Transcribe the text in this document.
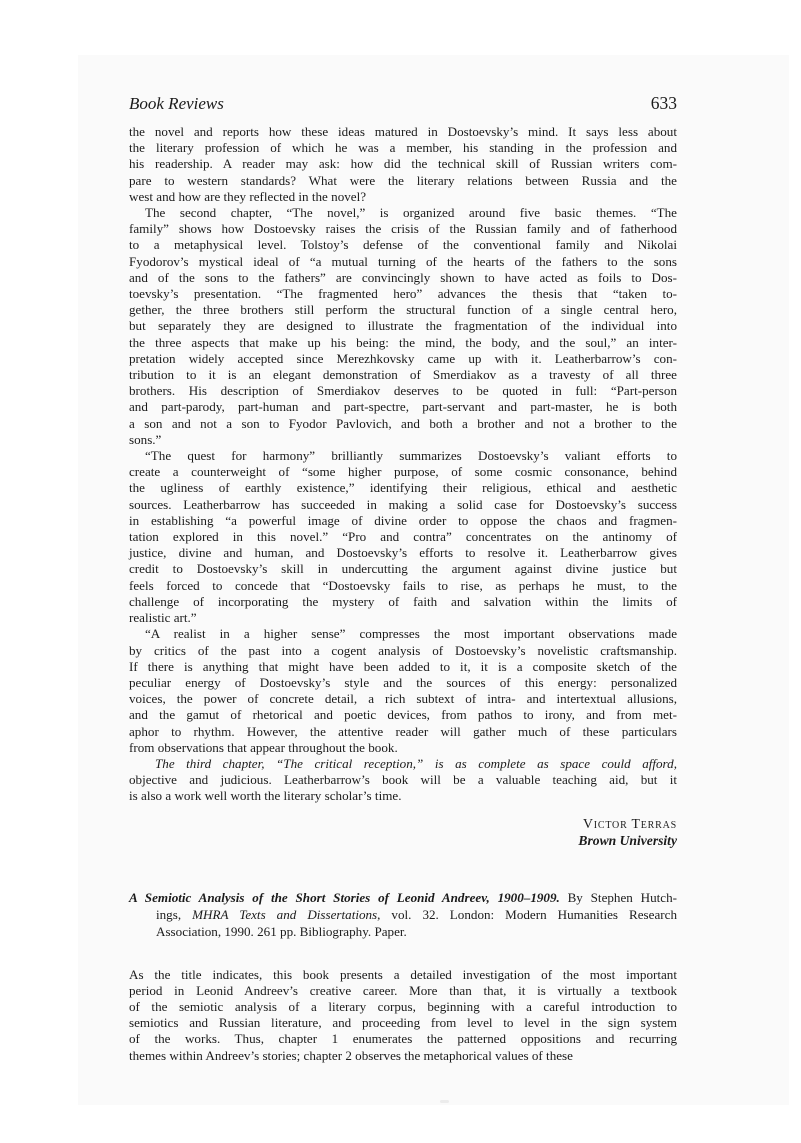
Book Reviews	633
the novel and reports how these ideas matured in Dostoevsky’s mind. It says less about
the literary profession of which he was a member, his standing in the profession and
his readership. A reader may ask: how did the technical skill of Russian writers com-
pare to western standards? What were the literary relations between Russia and the
west and how are they reflected in the novel?
The second chapter, “The novel,” is organized around five basic themes. “The
family” shows how Dostoevsky raises the crisis of the Russian family and of fatherhood
to a metaphysical level. Tolstoy’s defense of the conventional family and Nikolai
Fyodorov’s mystical ideal of “a mutual turning of the hearts of the fathers to the sons
and of the sons to the fathers” are convincingly shown to have acted as foils to Dos-
toevsky’s presentation. “The fragmented hero” advances the thesis that “taken to-
gether, the three brothers still perform the structural function of a single central hero,
but separately they are designed to illustrate the fragmentation of the individual into
the three aspects that make up his being: the mind, the body, and the soul,” an inter-
pretation widely accepted since Merezhkovsky came up with it. Leatherbarrow’s con-
tribution to it is an elegant demonstration of Smerdiakov as a travesty of all three
brothers. His description of Smerdiakov deserves to be quoted in full: “Part-person
and part-parody, part-human and part-spectre, part-servant and part-master, he is both
a son and not a son to Fyodor Pavlovich, and both a brother and not a brother to the
sons.”
“The quest for harmony” brilliantly summarizes Dostoevsky’s valiant efforts to
create a counterweight of “some higher purpose, of some cosmic consonance, behind
the ugliness of earthly existence,” identifying their religious, ethical and aesthetic
sources. Leatherbarrow has succeeded in making a solid case for Dostoevsky’s success
in establishing “a powerful image of divine order to oppose the chaos and fragmen-
tation explored in this novel.” “Pro and contra” concentrates on the antinomy of
justice, divine and human, and Dostoevsky’s efforts to resolve it. Leatherbarrow gives
credit to Dostoevsky’s skill in undercutting the argument against divine justice but
feels forced to concede that “Dostoevsky fails to rise, as perhaps he must, to the
challenge of incorporating the mystery of faith and salvation within the limits of
realistic art.”
“A realist in a higher sense” compresses the most important observations made
by critics of the past into a cogent analysis of Dostoevsky’s novelistic craftsmanship.
If there is anything that might have been added to it, it is a composite sketch of the
peculiar energy of Dostoevsky’s style and the sources of this energy: personalized
voices, the power of concrete detail, a rich subtext of intra- and intertextual allusions,
and the gamut of rhetorical and poetic devices, from pathos to irony, and from met-
aphor to rhythm. However, the attentive reader will gather much of these particulars
from observations that appear throughout the book.
The third chapter, “The critical reception,” is as complete as space could afford,
objective and judicious. Leatherbarrow’s book will be a valuable teaching aid, but it
is also a work well worth the literary scholar’s time.
Victor Terras
Brown University
A Semiotic Analysis of the Short Stories of Leonid Andreev, 1900–1909. By Stephen Hutch-
ings, MHRA Texts and Dissertations, vol. 32. London: Modern Humanities Research
Association, 1990. 261 pp. Bibliography. Paper.
As the title indicates, this book presents a detailed investigation of the most important
period in Leonid Andreev’s creative career. More than that, it is virtually a textbook
of the semiotic analysis of a literary corpus, beginning with a careful introduction to
semiotics and Russian literature, and proceeding from level to level in the sign system
of the works. Thus, chapter 1 enumerates the patterned oppositions and recurring
themes within Andreev’s stories; chapter 2 observes the metaphorical values of these
